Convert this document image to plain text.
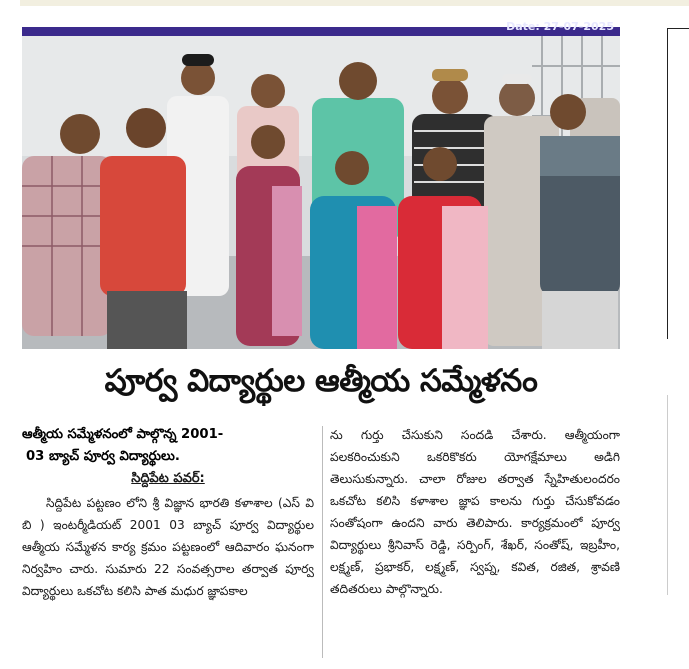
Date: 27-07-2025
పూర్వ విద్యార్థుల ఆత్మీయ సమ్మేళనం
ఆత్మీయ సమ్మేళనంలో పాల్గొన్న 2001-
03 బ్యాచ్ పూర్వ విద్యార్థులు.
సిద్దిపేట పవర్:

సిద్దిపేట పట్టణం లోని శ్రీ విజ్ఞాన భారతి కళాశాల (ఎస్ వి బి ) ఇంటర్మీడియట్ 2001 03 బ్యాచ్ పూర్వ విద్యార్థుల ఆత్మీయ సమ్మేళన కార్య క్రమం పట్టణంలో ఆదివారం ఘనంగా నిర్వహిం చారు. సుమారు 22 సంవత్సరాల తర్వాత పూర్వ విద్యార్థులు ఒకచోట కలిసి పాత మధుర జ్ఞాపకాల

ను గుర్తు చేసుకుని సందడి చేశారు. ఆత్మీయంగా పలకరించుకుని ఒకరికొకరు యోగక్షేమాలు అడిగి తెలుసుకున్నారు. చాలా రోజుల తర్వాత స్నేహితులందరం ఒకచోట కలిసి కళాశాల జ్ఞాప కాలను గుర్తు చేసుకోవడం సంతోషంగా ఉందని వారు తెలిపారు. కార్యక్రమంలో పూర్వ విద్యార్థులు శ్రీనివాస్ రెడ్డి, సర్పింగ్, శేఖర్, సంతోష్, ఇబ్రహీం, లక్ష్మణ్, ప్రభాకర్, లక్ష్మణ్, స్వప్న, కవిత, రజిత, శ్రావణి తదితరులు పాల్గొన్నారు.
